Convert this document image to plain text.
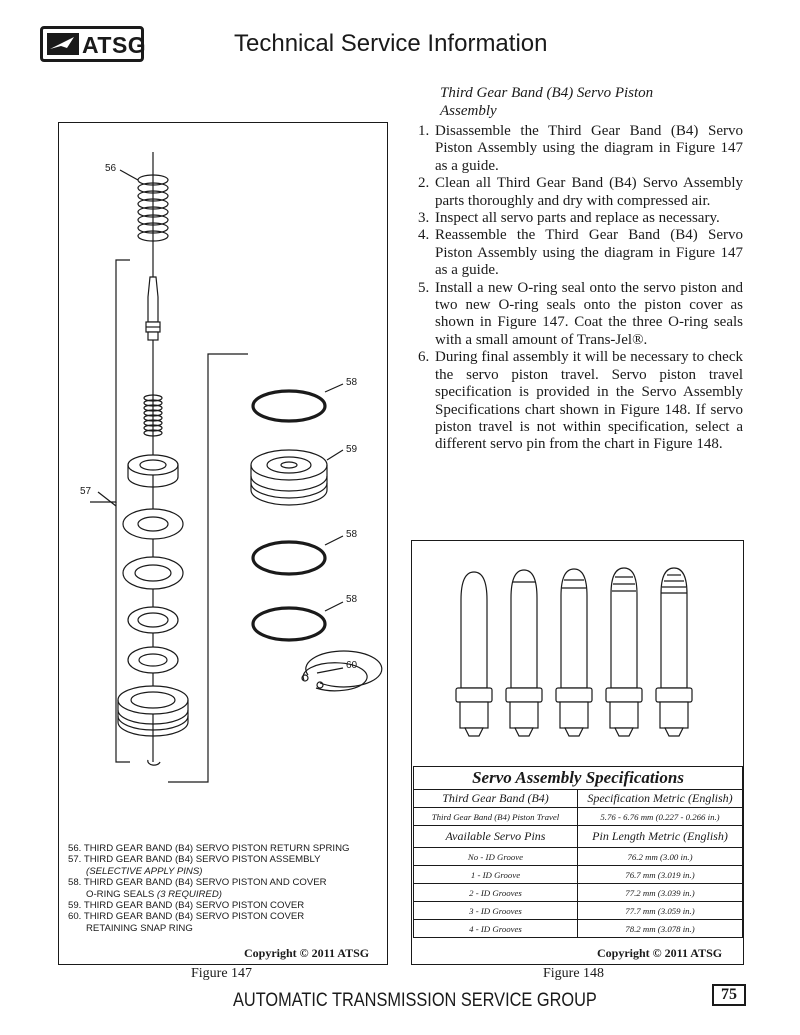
ATSG	Technical Service Information
Third Gear Band (B4) Servo Piston Assembly
1. Disassemble the Third Gear Band (B4) Servo Piston Assembly using the diagram in Figure 147 as a guide.
2. Clean all Third Gear Band (B4) Servo Assembly parts thoroughly and dry with compressed air.
3. Inspect all servo parts and replace as necessary.
4. Reassemble the Third Gear Band (B4) Servo Piston Assembly using the diagram in Figure 147 as a guide.
5. Install a new O-ring seal onto the servo piston and two new O-ring seals onto the piston cover as shown in Figure 147. Coat the three O-ring seals with a small amount of Trans-Jel®.
6. During final assembly it will be necessary to check the servo piston travel. Servo piston travel specification is provided in the Servo Assembly Specifications chart shown in Figure 148. If servo piston travel is not within specification, select a different servo pin from the chart in Figure 148.
56
57
58
59
58
58
60
56. THIRD GEAR BAND (B4) SERVO PISTON RETURN SPRING
57. THIRD GEAR BAND (B4) SERVO PISTON ASSEMBLY
(SELECTIVE APPLY PINS)
58. THIRD GEAR BAND (B4) SERVO PISTON AND COVER
O-RING SEALS (3 REQUIRED)
59. THIRD GEAR BAND (B4) SERVO PISTON COVER
60. THIRD GEAR BAND (B4) SERVO PISTON COVER
RETAINING SNAP RING
Copyright © 2011 ATSG
Figure 147
Servo Assembly Specifications	
Third Gear Band (B4)	Specification Metric (English)
Third Gear Band (B4) Piston Travel	5.76 - 6.76 mm (0.227 - 0.266 in.)
Available Servo Pins	Pin Length Metric (English)
No - ID Groove	76.2 mm (3.00 in.)
1 - ID Groove	76.7 mm (3.019 in.)
2 - ID Grooves	77.2 mm (3.039 in.)
3 - ID Grooves	77.7 mm (3.059 in.)
4 - ID Grooves	78.2 mm (3.078 in.)
Copyright © 2011 ATSG
Figure 148
AUTOMATIC TRANSMISSION SERVICE GROUP	75
